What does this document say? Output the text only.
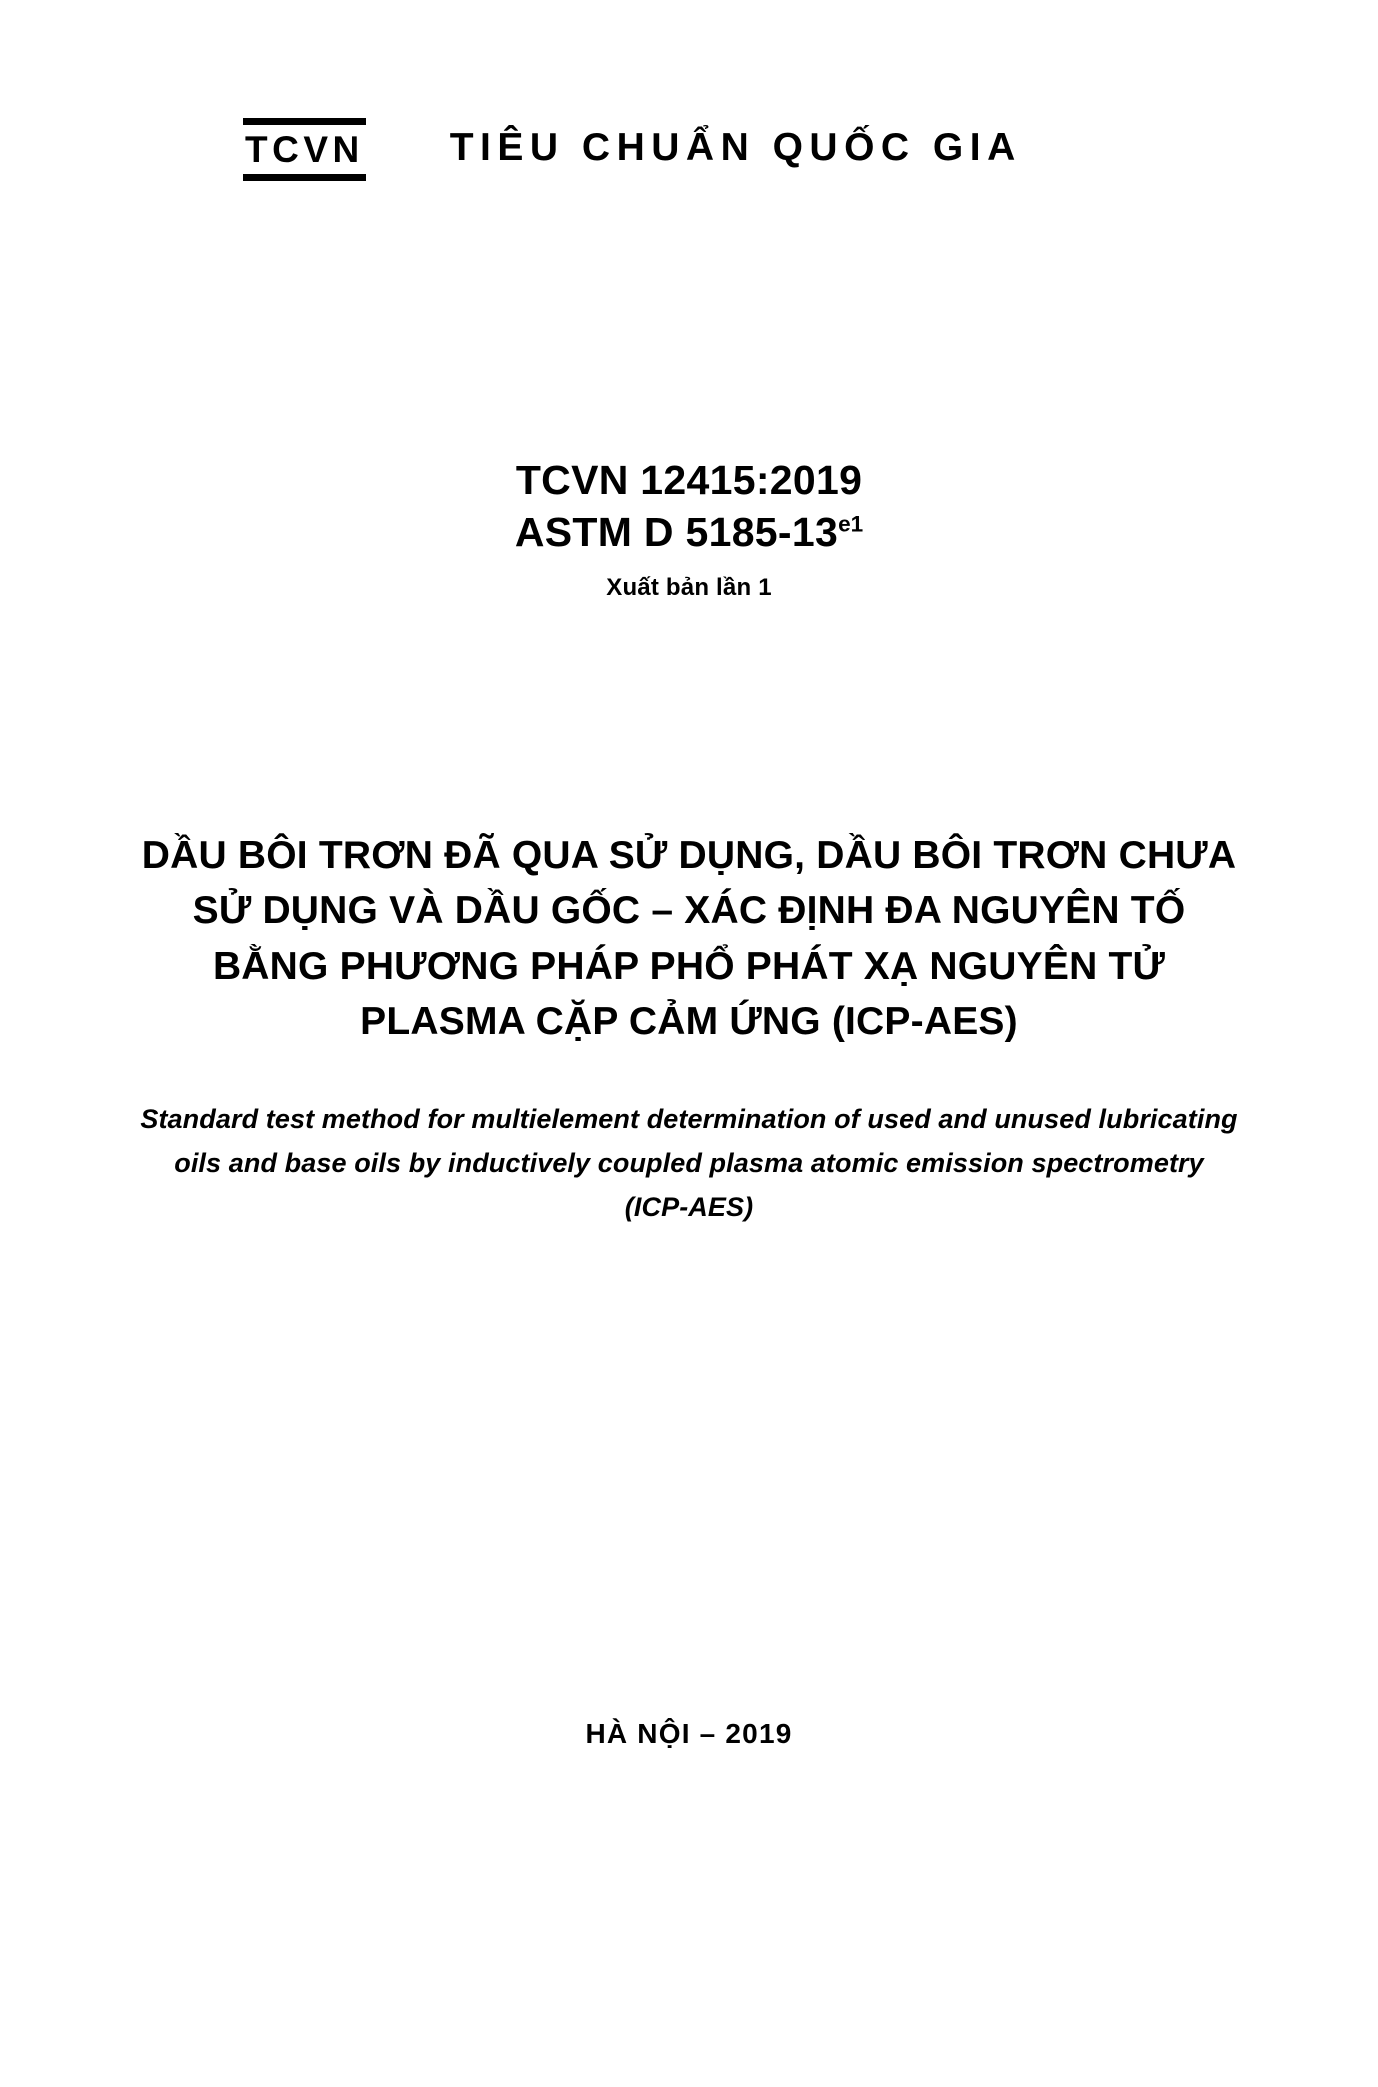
TCVN TIÊU CHUẨN QUỐC GIA
TCVN 12415:2019
ASTM D $5185-13^{e1}$
Xuất bản lần 1
DẦU BÔI TRƠN ĐÃ QUA SỬ DỤNG, DẦU BÔI TRƠN CHƯA
SỬ DỤNG VÀ DẦU GỐC – XÁC ĐỊNH ĐA NGUYÊN TỐ
BẰNG PHƯƠNG PHÁP PHỔ PHÁT XẠ NGUYÊN TỬ
PLASMA CẶP CẢM ỨNG (ICP-AES)
Standard test method for multielement determination of used and unused lubricating
oils and base oils by inductively coupled plasma atomic emission spectrometry
(ICP-AES)
HÀ NỘI – 2019
